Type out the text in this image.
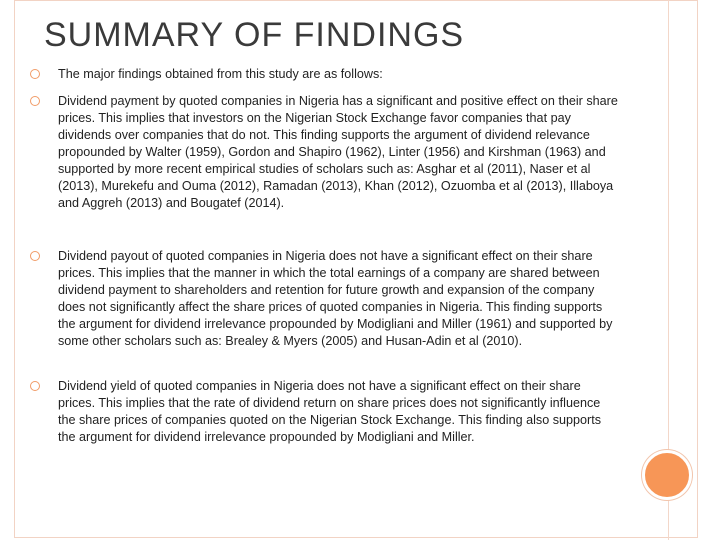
SUMMARY OF FINDINGS
The major findings obtained from this study are as follows:
Dividend payment by quoted companies in Nigeria has a significant and positive effect on their share prices. This implies that investors on the Nigerian Stock Exchange favor companies that pay dividends over companies that do not. This finding supports the argument of dividend relevance propounded by Walter (1959), Gordon and Shapiro (1962), Linter (1956) and Kirshman (1963) and supported by more recent empirical studies of scholars such as: Asghar et al (2011), Naser et al (2013), Murekefu and Ouma (2012), Ramadan (2013), Khan (2012), Ozuomba et al (2013), Illaboya and Aggreh (2013) and Bougatef (2014).
Dividend payout of quoted companies in Nigeria does not have a significant effect on their share prices. This implies that the manner in which the total earnings of a company are shared between dividend payment to shareholders and retention for future growth and expansion of the company does not significantly affect the share prices of quoted companies in Nigeria. This finding supports the argument for dividend irrelevance propounded by Modigliani and Miller (1961) and supported by some other scholars such as: Brealey & Myers (2005) and Husan-Adin et al (2010).
Dividend yield of quoted companies in Nigeria does not have a significant effect on their share prices. This implies that the rate of dividend return on share prices does not significantly influence the share prices of companies quoted on the Nigerian Stock Exchange. This finding also supports the argument for dividend irrelevance propounded by Modigliani and Miller.
